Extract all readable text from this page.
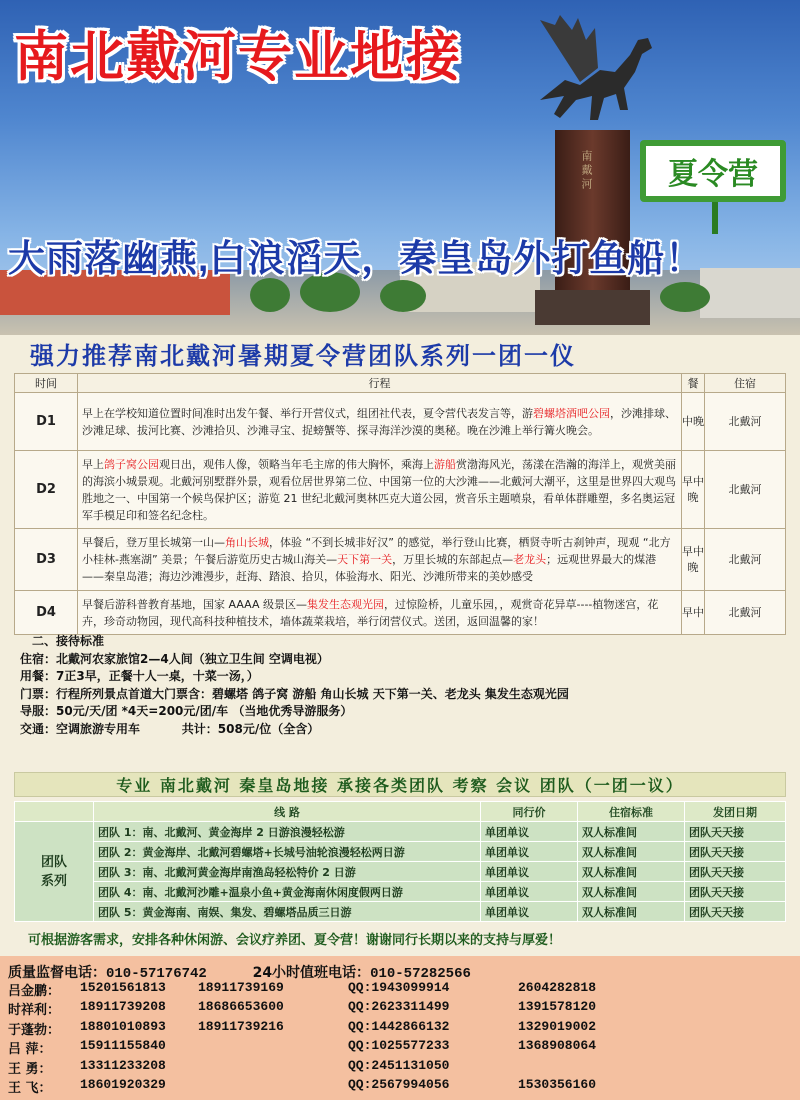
南戴河
南北戴河专业地接
夏令营
大雨落幽燕,白浪滔天，秦皇岛外打鱼船！
强力推荐南北戴河暑期夏令营团队系列一团一仪
时间	行程	餐	住宿
D1	早上在学校知道位置时间准时出发午餐、举行开营仪式，组团社代表，夏令营代表发言等，游碧螺塔酒吧公园，沙滩排球、沙滩足球、拔河比赛、沙滩拾贝、沙滩寻宝、捉螃蟹等、探寻海洋沙漠的奥秘。晚在沙滩上举行篝火晚会。	中晚	北戴河
D2	早上鸽子窝公园观日出，观伟人像，领略当年毛主席的伟大胸怀，乘海上游船赏渤海风光，荡漾在浩瀚的海洋上，观赏美丽的海滨小城景观。北戴河别墅群外景，观看位居世界第二位、中国第一位的大沙滩——北戴河大潮平，这里是世界四大观鸟胜地之一、中国第一个候鸟保护区；游览 21 世纪北戴河奥林匹克大道公园，赏音乐主题喷泉，看单体群雕塑，多名奥运冠军手模足印和签名纪念柱。	早中晚	北戴河
D3	早餐后，登万里长城第一山—角山长城，体验 “不到长城非好汉” 的感觉，举行登山比赛，栖贤寺听古刹钟声，现观 “北方小桂林-燕塞湖” 美景；午餐后游览历史古城山海关—天下第一关，万里长城的东部起点—老龙头；远观世界最大的煤港——秦皇岛港；海边沙滩漫步，赶海、踏浪、拾贝，体验海水、阳光、沙滩所带来的美妙感受	早中晚	北戴河
D4	早餐后游科普教育基地，国家 AAAA 级景区—集发生态观光园，过惊险桥，儿童乐园，，观赏奇花异草----植物迷宫，花卉，珍奇动物园，现代高科技种植技术，墙体蔬菜栽培，举行闭营仪式。送团，返回温馨的家！	早中	北戴河
二、接待标准
住宿：北戴河农家旅馆2—4人间（独立卫生间 空调电视）
用餐：7正3早，正餐十人一桌，十菜一汤，）
门票：行程所列景点首道大门票含：碧螺塔 鸽子窝 游船 角山长城 天下第一关、老龙头 集发生态观光园
导服：50元/天/团 *4天=200元/团/车 （当地优秀导游服务）
交通：空调旅游专用车          共计：508元/位（全含）
专业 南北戴河 秦皇岛地接 承接各类团队 考察 会议 团队（一团一议）
	线 路	同行价	住宿标准	发团日期

团队系列	团队 1：南、北戴河、黄金海岸 2 日游浪漫轻松游	单团单议	双人标准间	团队天天接
	团队 2：黄金海岸、北戴河碧螺塔+长城号油轮浪漫轻松两日游	单团单议	双人标准间	团队天天接
	团队 3：南、北戴河黄金海岸南渔岛轻松特价 2 日游	单团单议	双人标准间	团队天天接
	团队 4：南、北戴河沙雕+温泉小鱼+黄金海南休闲度假两日游	单团单议	双人标准间	团队天天接
	团队 5：黄金海南、南娱、集发、碧螺塔品质三日游	单团单议	双人标准间	团队天天接
可根据游客需求，安排各种休闲游、会议疗养团、夏令营！谢谢同行长期以来的支持与厚爱！
质量监督电话：010-57176742	24小时值班电话：010-57282566
吕金鹏： 15201561813 18911739169	QQ:1943099914	2604282818
时祥利： 18911739208 18686653600	QQ:2623311499	1391578120
于蓬勃： 18801010893 18911739216	QQ:1442866132	1329019002
吕 萍： 15911155840	QQ:1025577233	1368908064
王 勇： 13311233208	QQ:2451131050
王 飞： 18601920329	QQ:2567994056	1530356160
